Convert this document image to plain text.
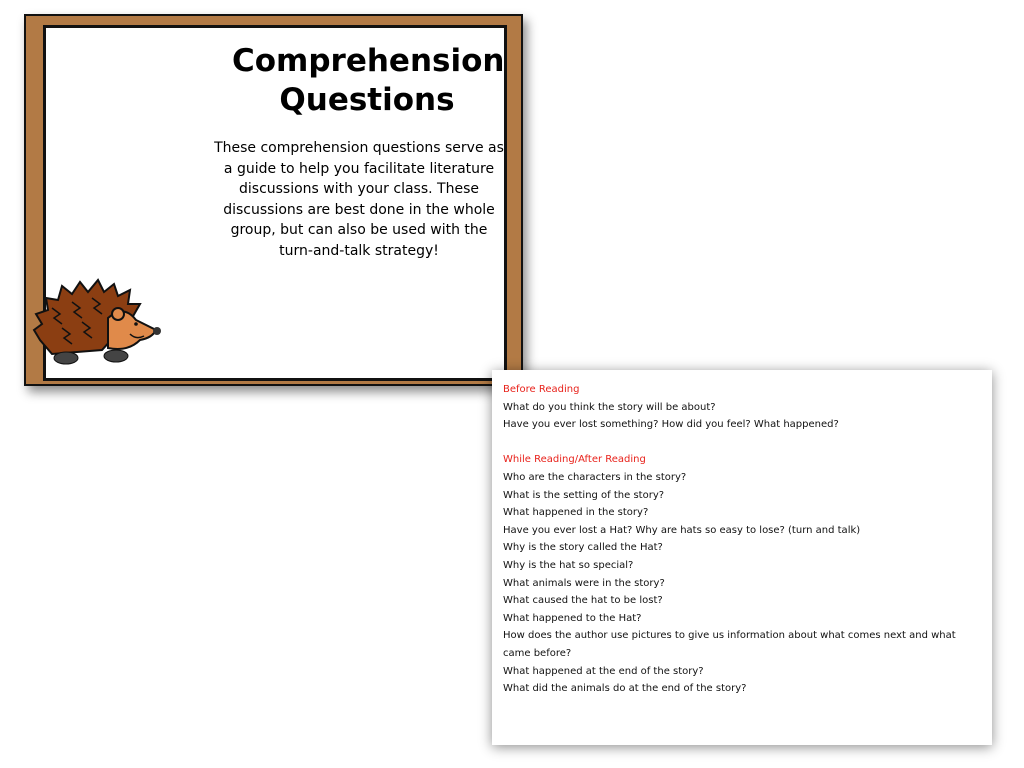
Comprehension Questions
These comprehension questions serve as a guide to help you facilitate literature discussions with your class. These discussions are best done in the whole group, but can also be used with the turn-and-talk strategy!
Before Reading
What do you think the story will be about?
Have you ever lost something? How did you feel? What happened?
While Reading/After Reading
Who are the characters in the story?
What is the setting of the story?
What happened in the story?
Have you ever lost a Hat? Why are hats so easy to lose? (turn and talk)
Why is the story called the Hat?
Why is the hat so special?
What animals were in the story?
What caused the hat to be lost?
What happened to the Hat?
How does the author use pictures to give us information about what comes next and what came before?
What happened at the end of the story?
What did the animals do at the end of the story?
